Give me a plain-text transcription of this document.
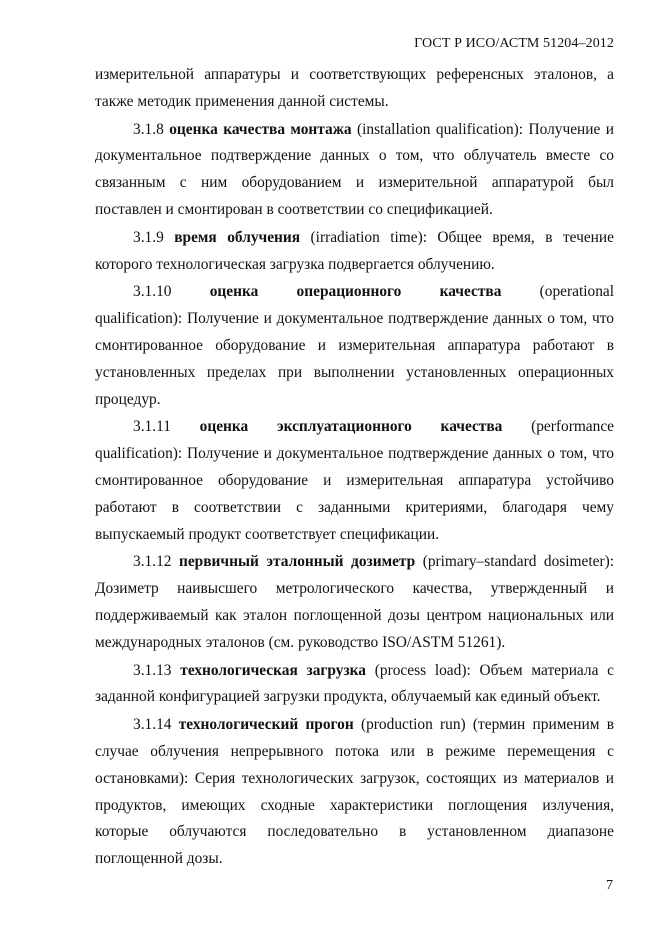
ГОСТ Р ИСО/АСТМ 51204–2012
измерительной аппаратуры и соответствующих референсных эталонов, а
также методик применения данной системы.
3.1.8 оценка качества монтажа (installation qualification): Получение и
документальное подтверждение данных о том, что облучатель вместе со
связанным с ним оборудованием и измерительной аппаратурой был
поставлен и смонтирован в соответствии со спецификацией.
3.1.9 время облучения (irradiation time): Общее время, в течение
которого технологическая загрузка подвергается облучению.
3.1.10 оценка операционного качества (operational
qualification): Получение и документальное подтверждение данных о том, что
смонтированное оборудование и измерительная аппаратура работают в
установленных пределах при выполнении установленных операционных
процедур.
3.1.11 оценка эксплуатационного качества (performance
qualification): Получение и документальное подтверждение данных о том, что
смонтированное оборудование и измерительная аппаратура устойчиво
работают в соответствии с заданными критериями, благодаря чему
выпускаемый продукт соответствует спецификации.
3.1.12 первичный эталонный дозиметр (primary–standard dosimeter):
Дозиметр наивысшего метрологического качества, утвержденный и
поддерживаемый как эталон поглощенной дозы центром национальных или
международных эталонов (см. руководство ISO/ASTM 51261).
3.1.13 технологическая загрузка (process load): Объем материала с
заданной конфигурацией загрузки продукта, облучаемый как единый объект.
3.1.14 технологический прогон (production run) (термин применим в
случае облучения непрерывного потока или в режиме перемещения с
остановками): Серия технологических загрузок, состоящих из материалов и
продуктов, имеющих сходные характеристики поглощения излучения,
которые облучаются последовательно в установленном диапазоне
поглощенной дозы.
7
